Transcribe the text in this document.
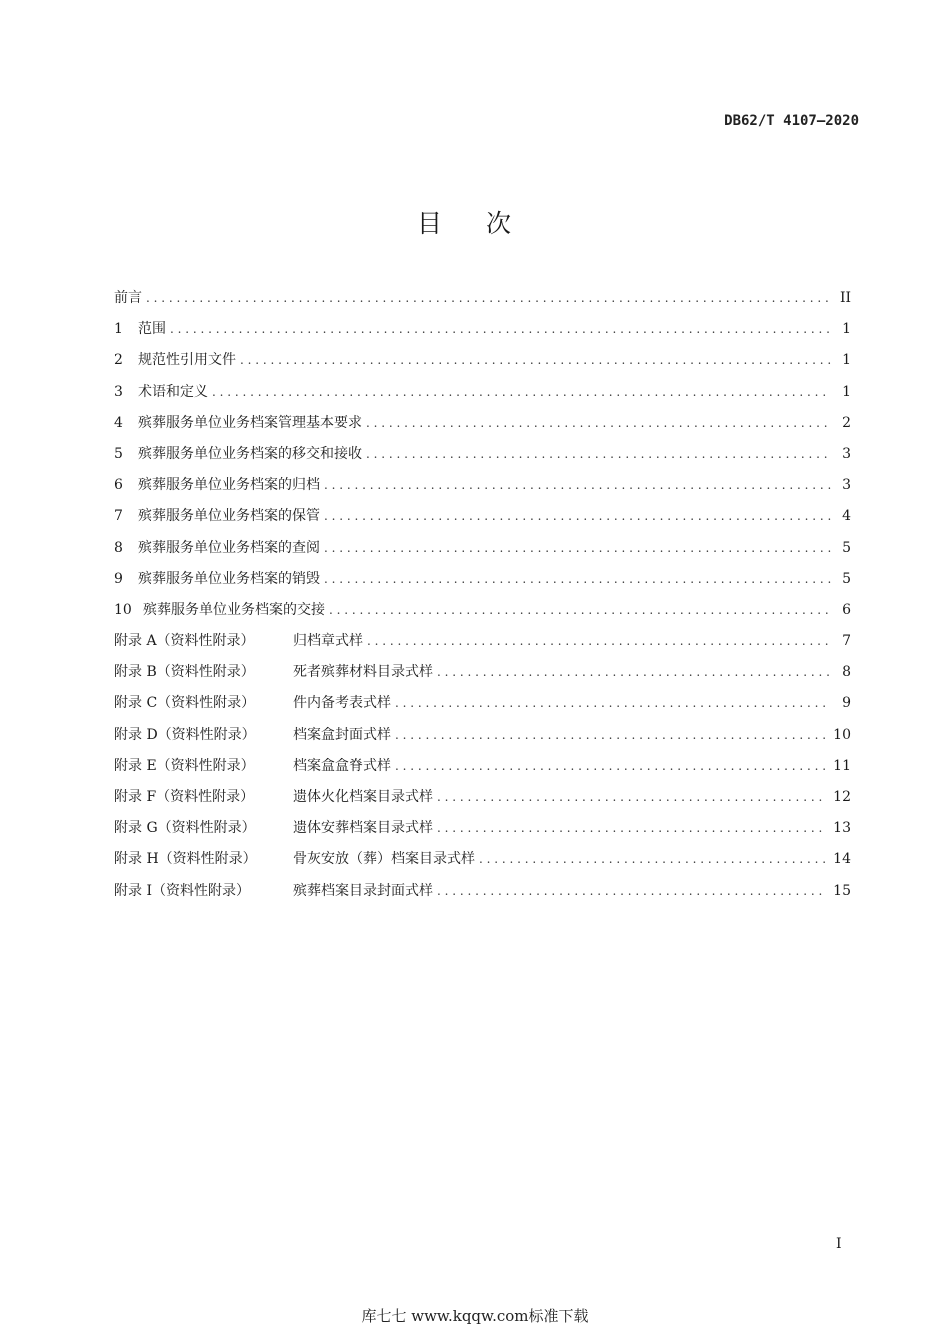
DB62/T 4107—2020
目次
前言 . . .	II
1	范围 . . .	1
2	规范性引用文件 . . .	1
3	术语和定义 . . .	1
4	殡葬服务单位业务档案管理基本要求 . . .	2
5	殡葬服务单位业务档案的移交和接收 . . .	3
6	殡葬服务单位业务档案的归档 . . .	3
7	殡葬服务单位业务档案的保管 . . .	4
8	殡葬服务单位业务档案的查阅 . . .	5
9	殡葬服务单位业务档案的销毁 . . .	5
10 殡葬服务单位业务档案的交接 . . .	6
附录 A（资料性附录）	归档章式样 . . .	7
附录 B（资料性附录）	死者殡葬材料目录式样 . . .	8
附录 C（资料性附录）	件内备考表式样 . . .	9
附录 D（资料性附录）	档案盒封面式样 . . .	10
附录 E（资料性附录）	档案盒盒脊式样 . . .	11
附录 F（资料性附录）	遗体火化档案目录式样 . . .	12
附录 G（资料性附录）	遗体安葬档案目录式样 . . .	13
附录 H（资料性附录）	骨灰安放（葬）档案目录式样 . . .	14
附录 I（资料性附录）	殡葬档案目录封面式样 . . .	15
I
库七七 www.kqqw.com标准下载
